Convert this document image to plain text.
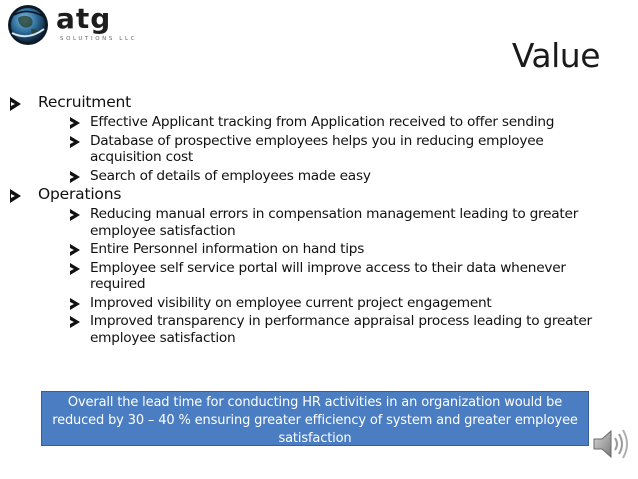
atg
SOLUTIONS LLC	Value
Recruitment
Effective Applicant tracking from Application received to offer sending
Database of prospective employees helps you in reducing employee acquisition cost
Search of details of employees made easy
Operations
Reducing manual errors in compensation management leading to greater employee satisfaction
Entire Personnel information on hand tips
Employee self service portal will improve access to their data whenever required
Improved visibility on employee current project engagement
Improved transparency in performance appraisal process leading to greater employee satisfaction
Overall the lead time for conducting HR activities in an organization would be reduced by 30 – 40 % ensuring greater efficiency of system and greater employee satisfaction
